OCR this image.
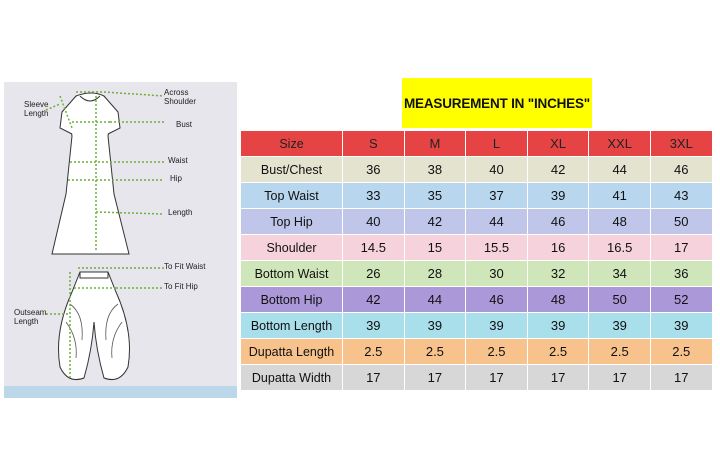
Sleeve
Length
Across
Shoulder
Bust
Waist
Hip
Length
To Fit Waist
To Fit Hip
Outseam
Length
MEASUREMENT IN "INCHES"
Size	S	M	L	XL	XXL	3XL
Bust/Chest	36	38	40	42	44	46
Top Waist	33	35	37	39	41	43
Top Hip	40	42	44	46	48	50
Shoulder	14.5	15	15.5	16	16.5	17
Bottom Waist	26	28	30	32	34	36
Bottom Hip	42	44	46	48	50	52
Bottom Length	39	39	39	39	39	39
Dupatta Length	2.5	2.5	2.5	2.5	2.5	2.5
Dupatta Width	17	17	17	17	17	17
